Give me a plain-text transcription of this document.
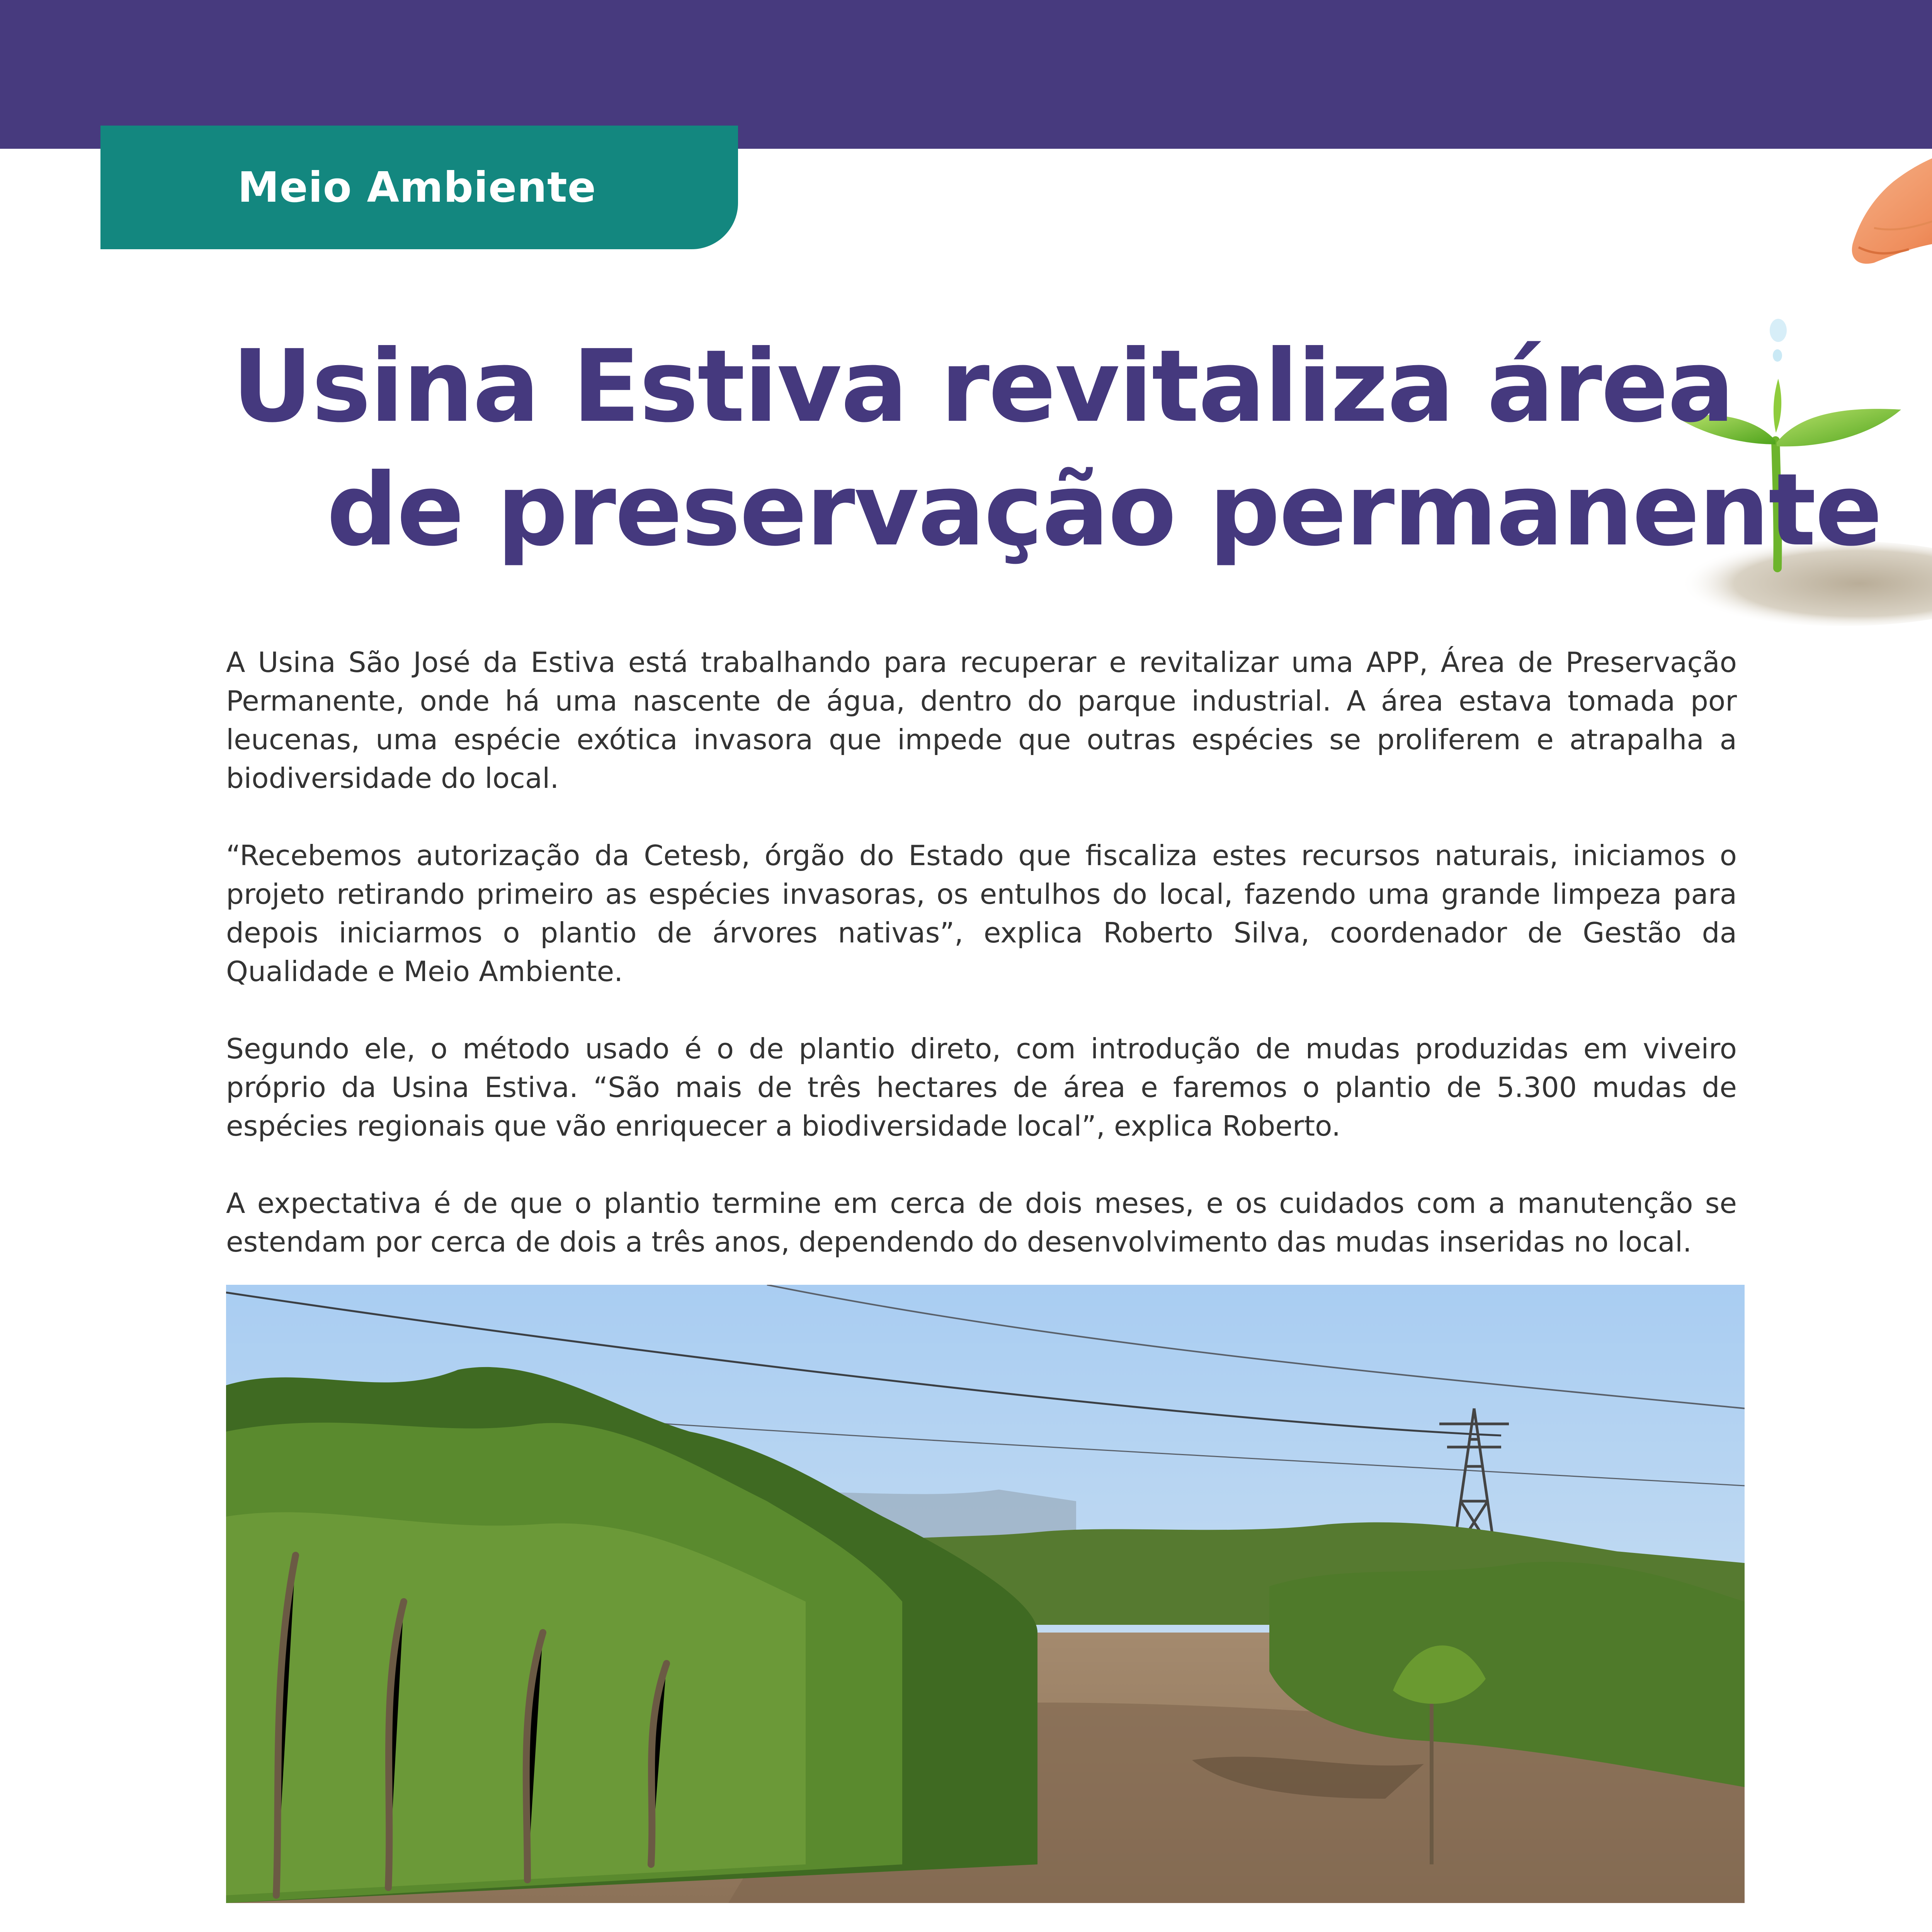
Meio Ambiente
Usina Estiva revitaliza área
de preservação permanente

A Usina São José da Estiva está trabalhando para recuperar e revitalizar uma APP, Área de Preservação Permanente, onde há uma nascente de água, dentro do parque industrial. A área estava tomada por leucenas, uma espécie exótica invasora que impede que outras espécies se proliferem e atrapalha a biodiversidade do local.

“Recebemos autorização da Cetesb, órgão do Estado que fiscaliza estes recursos naturais, iniciamos o projeto retirando primeiro as espécies invasoras, os entulhos do local, fazendo uma grande limpeza para depois iniciarmos o plantio de árvores nativas”, explica Roberto Silva, coordenador de Gestão da Qualidade e Meio Ambiente.

Segundo ele, o método usado é o de plantio direto, com introdução de mudas produzidas em viveiro próprio da Usina Estiva. “São mais de três hectares de área e faremos o plantio de 5.300 mudas de espécies regionais que vão enriquecer a biodiversidade local”, explica Roberto.

A expectativa é de que o plantio termine em cerca de dois meses, e os cuidados com a manutenção se estendam por cerca de dois a três anos, dependendo do desenvolvimento das mudas inseridas no local.
